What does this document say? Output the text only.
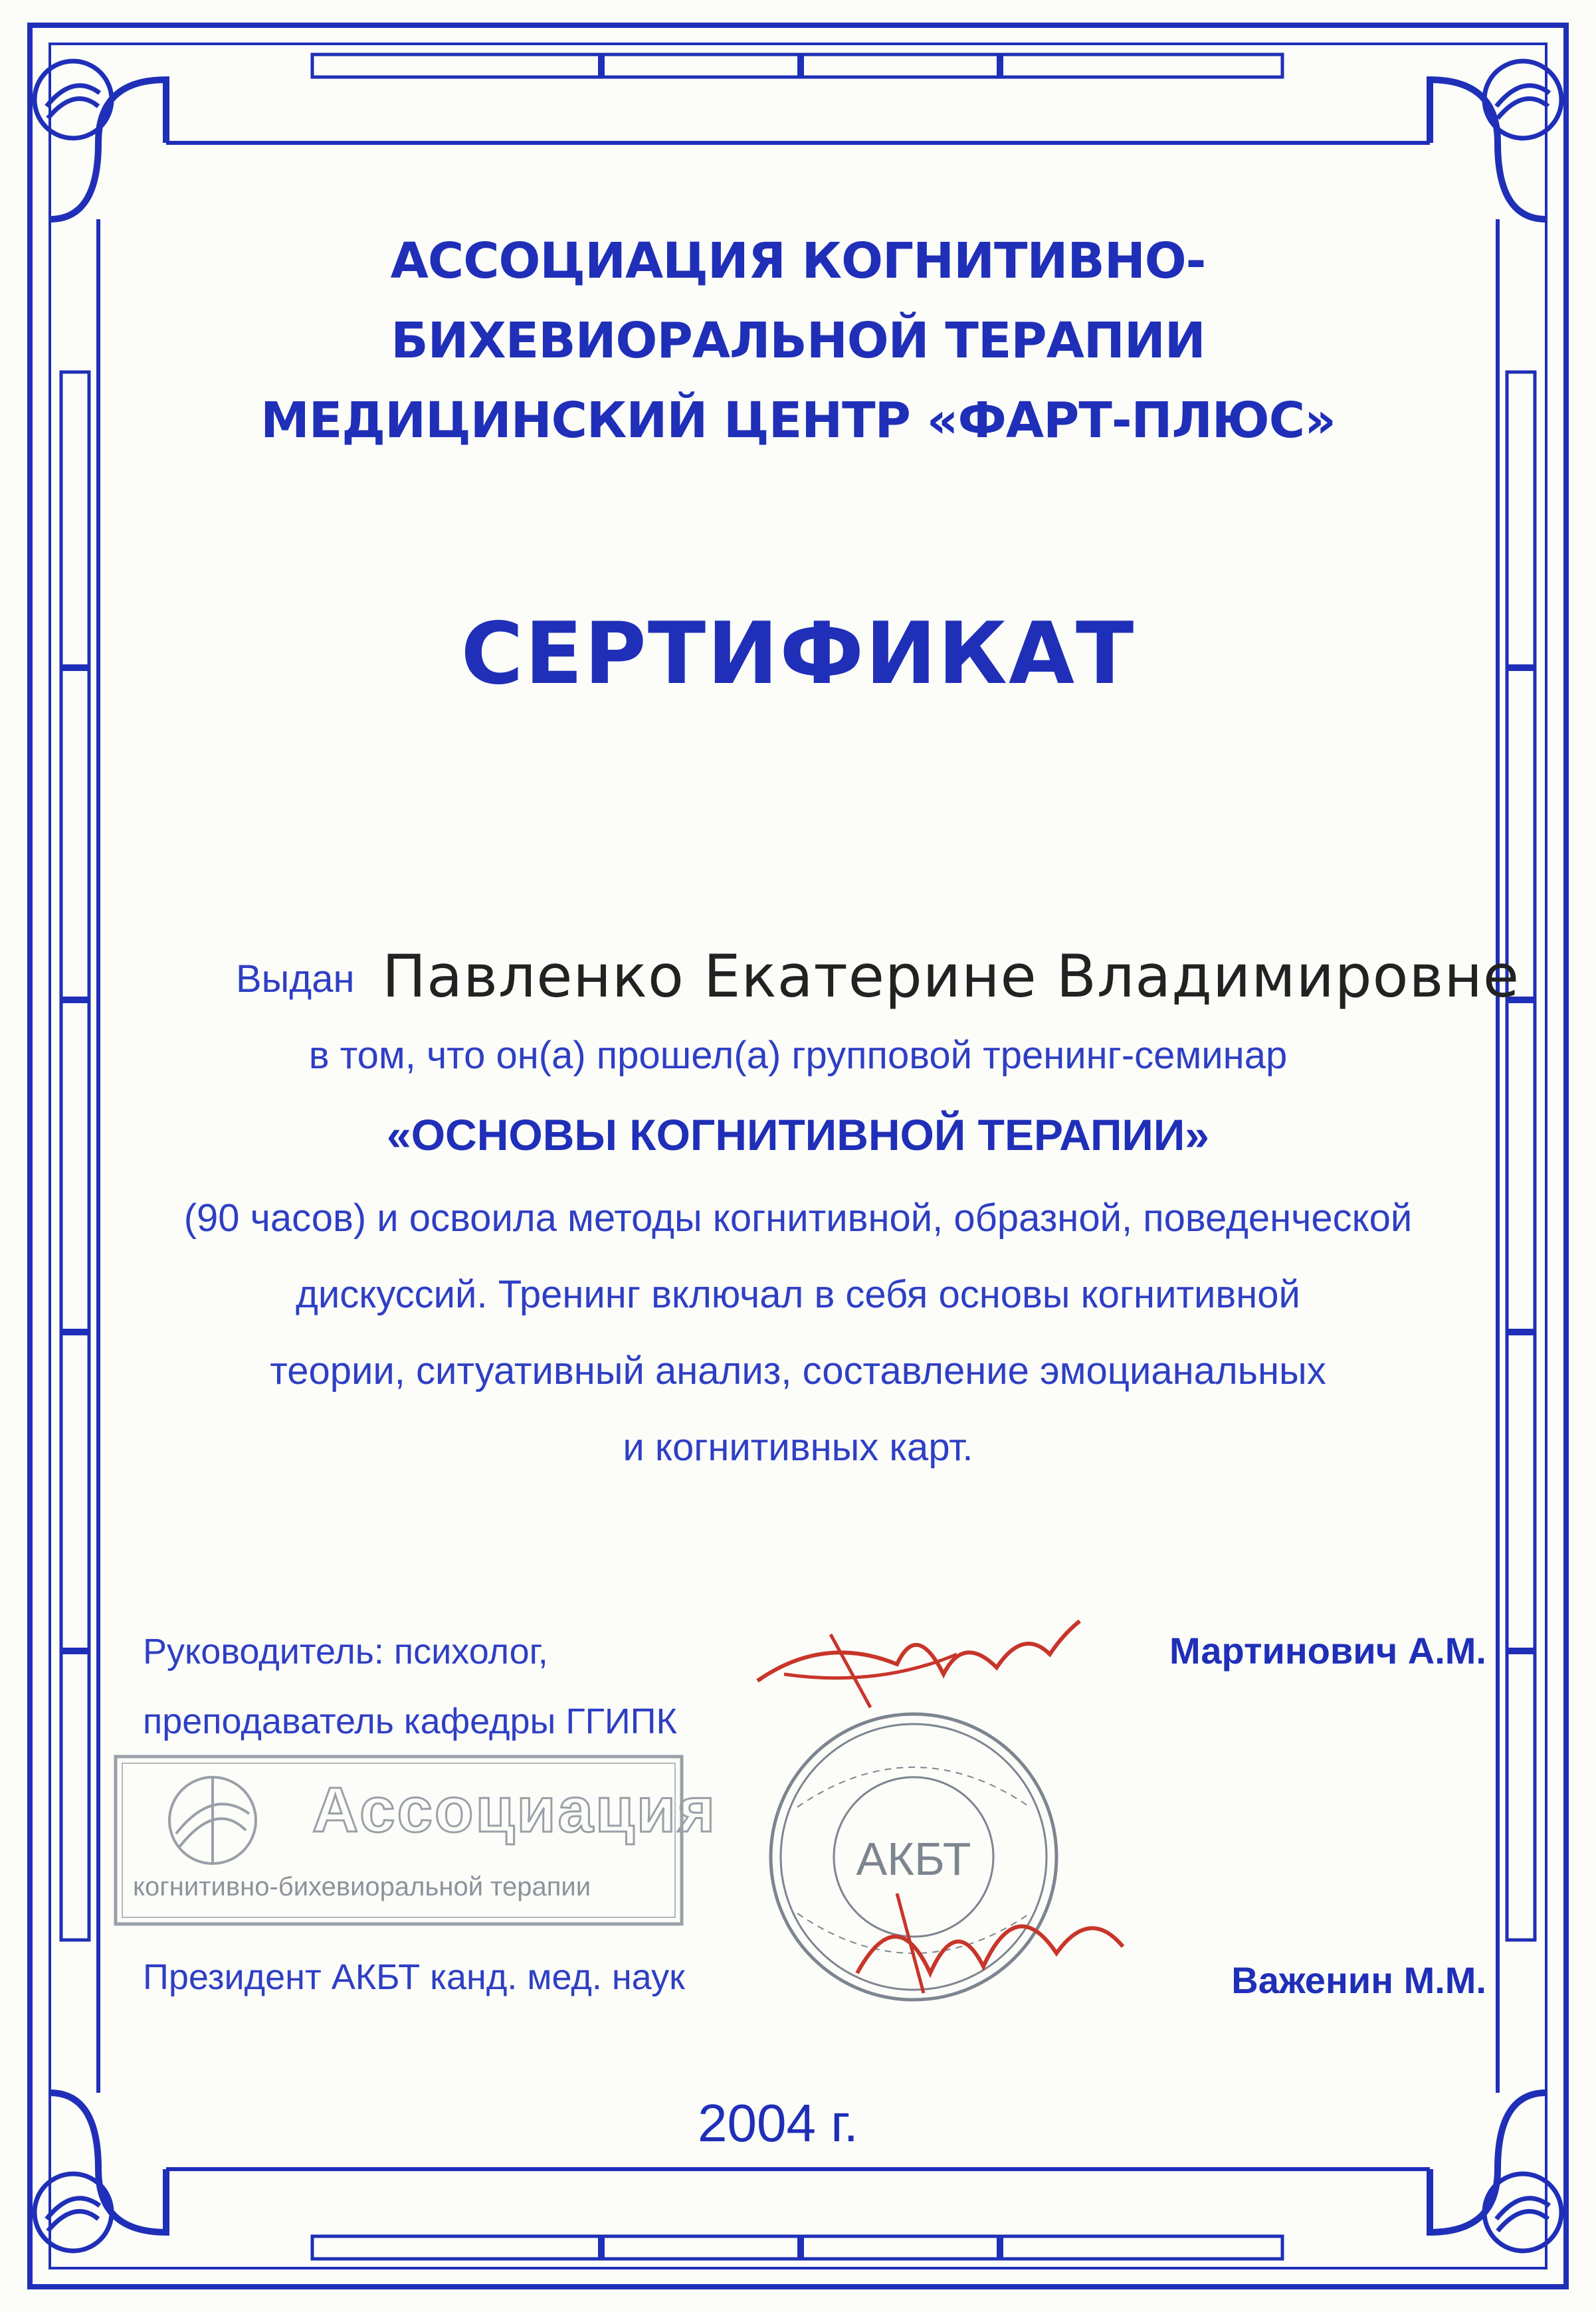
АССОЦИАЦИЯ КОГНИТИВНО-
БИХЕВИОРАЛЬНОЙ ТЕРАПИИ
МЕДИЦИНСКИЙ ЦЕНТР «ФАРТ-ПЛЮС»
СЕРТИФИКАТ
Выдан Павленко Екатерине Владимировне
в том, что он(а) прошел(а) групповой тренинг-семинар
«ОСНОВЫ КОГНИТИВНОЙ ТЕРАПИИ»
(90 часов) и освоила методы когнитивной, образной, поведенческой
дискуссий. Тренинг включал в себя основы когнитивной
теории, ситуативный анализ, составление эмоцианальных
и когнитивных карт.
Руководитель: психолог,
преподаватель кафедры ГГИПК
Мартинович А.М.
Ассоциация
когнитивно-бихевиоральной терапии
АКБТ
Президент АКБТ канд. мед. наук	Важенин М.М.
2004 г.
